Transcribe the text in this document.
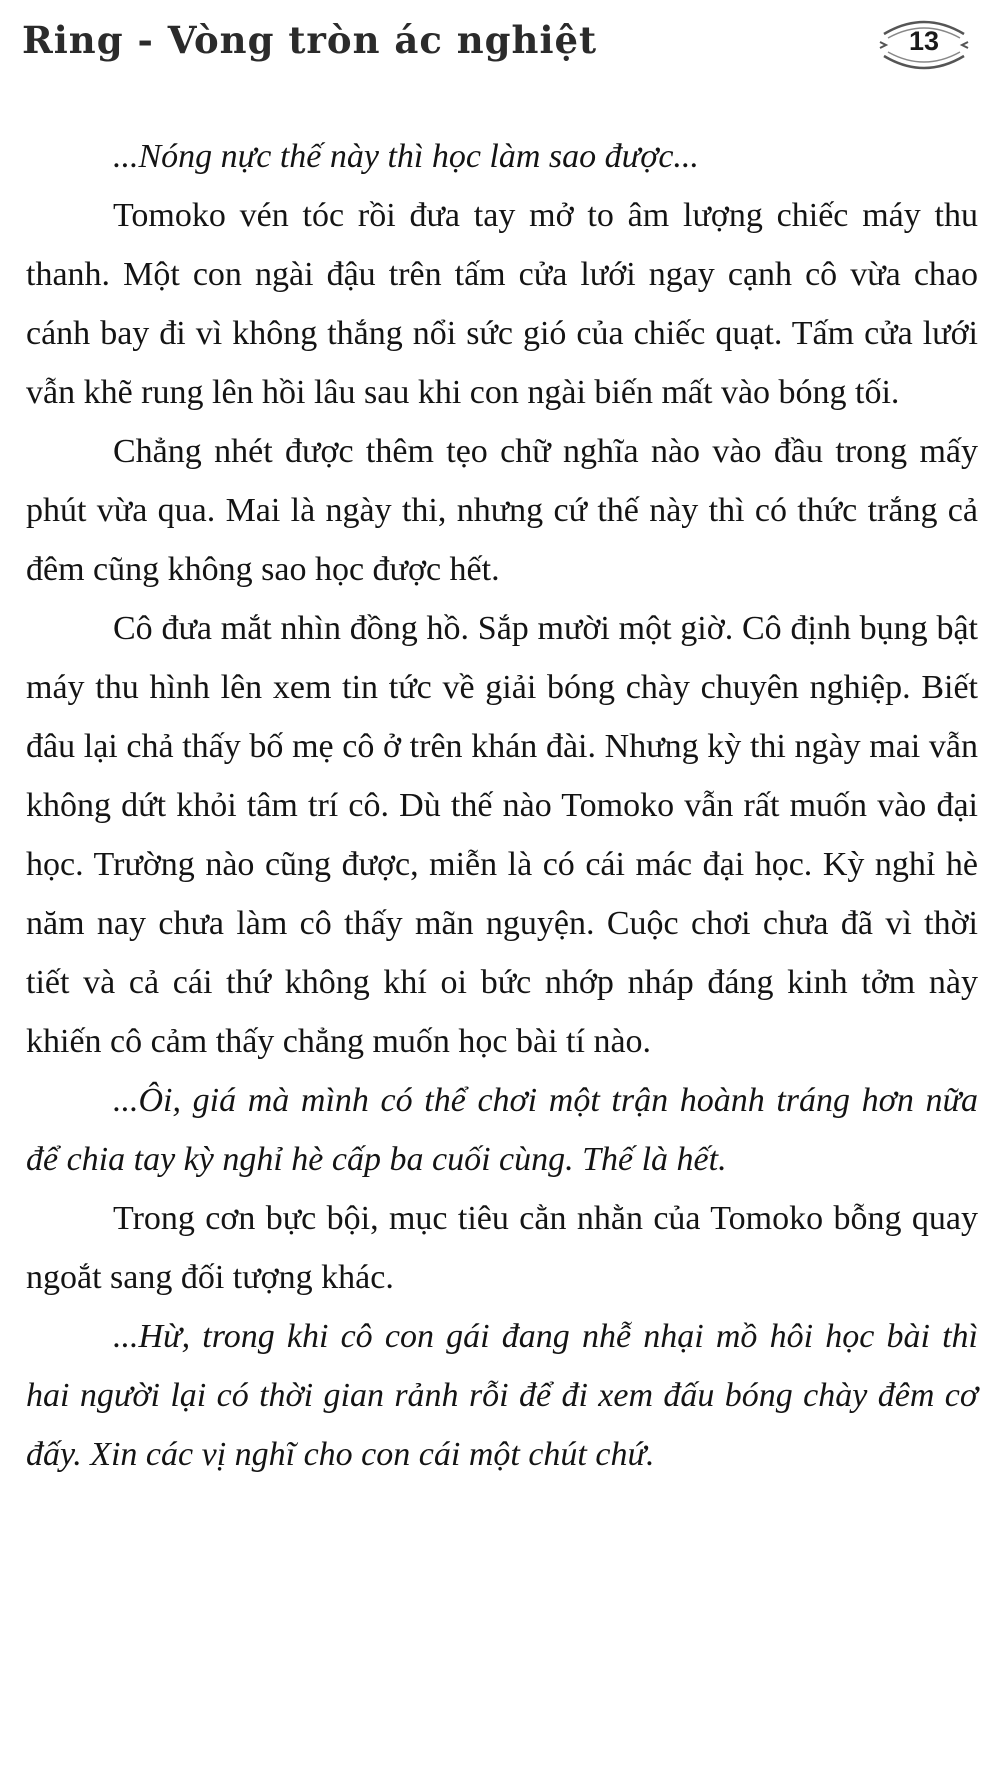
Ring - Vòng tròn ác nghiệt	13

...Nóng nực thế này thì học làm sao được...

Tomoko vén tóc rồi đưa tay mở to âm lượng chiếc máy thu thanh. Một con ngài đậu trên tấm cửa lưới ngay cạnh cô vừa chao cánh bay đi vì không thắng nổi sức gió của chiếc quạt. Tấm cửa lưới vẫn khẽ rung lên hồi lâu sau khi con ngài biến mất vào bóng tối.

Chẳng nhét được thêm tẹo chữ nghĩa nào vào đầu trong mấy phút vừa qua. Mai là ngày thi, nhưng cứ thế này thì có thức trắng cả đêm cũng không sao học được hết.

Cô đưa mắt nhìn đồng hồ. Sắp mười một giờ. Cô định bụng bật máy thu hình lên xem tin tức về giải bóng chày chuyên nghiệp. Biết đâu lại chả thấy bố mẹ cô ở trên khán đài. Nhưng kỳ thi ngày mai vẫn không dứt khỏi tâm trí cô. Dù thế nào Tomoko vẫn rất muốn vào đại học. Trường nào cũng được, miễn là có cái mác đại học. Kỳ nghỉ hè năm nay chưa làm cô thấy mãn nguyện. Cuộc chơi chưa đã vì thời tiết và cả cái thứ không khí oi bức nhớp nháp đáng kinh tởm này khiến cô cảm thấy chẳng muốn học bài tí nào.

...Ôi, giá mà mình có thể chơi một trận hoành tráng hơn nữa để chia tay kỳ nghỉ hè cấp ba cuối cùng. Thế là hết.

Trong cơn bực bội, mục tiêu cằn nhằn của Tomoko bỗng quay ngoắt sang đối tượng khác.

...Hừ, trong khi cô con gái đang nhễ nhại mồ hôi học bài thì hai người lại có thời gian rảnh rỗi để đi xem đấu bóng chày đêm cơ đấy. Xin các vị nghĩ cho con cái một chút chứ.
